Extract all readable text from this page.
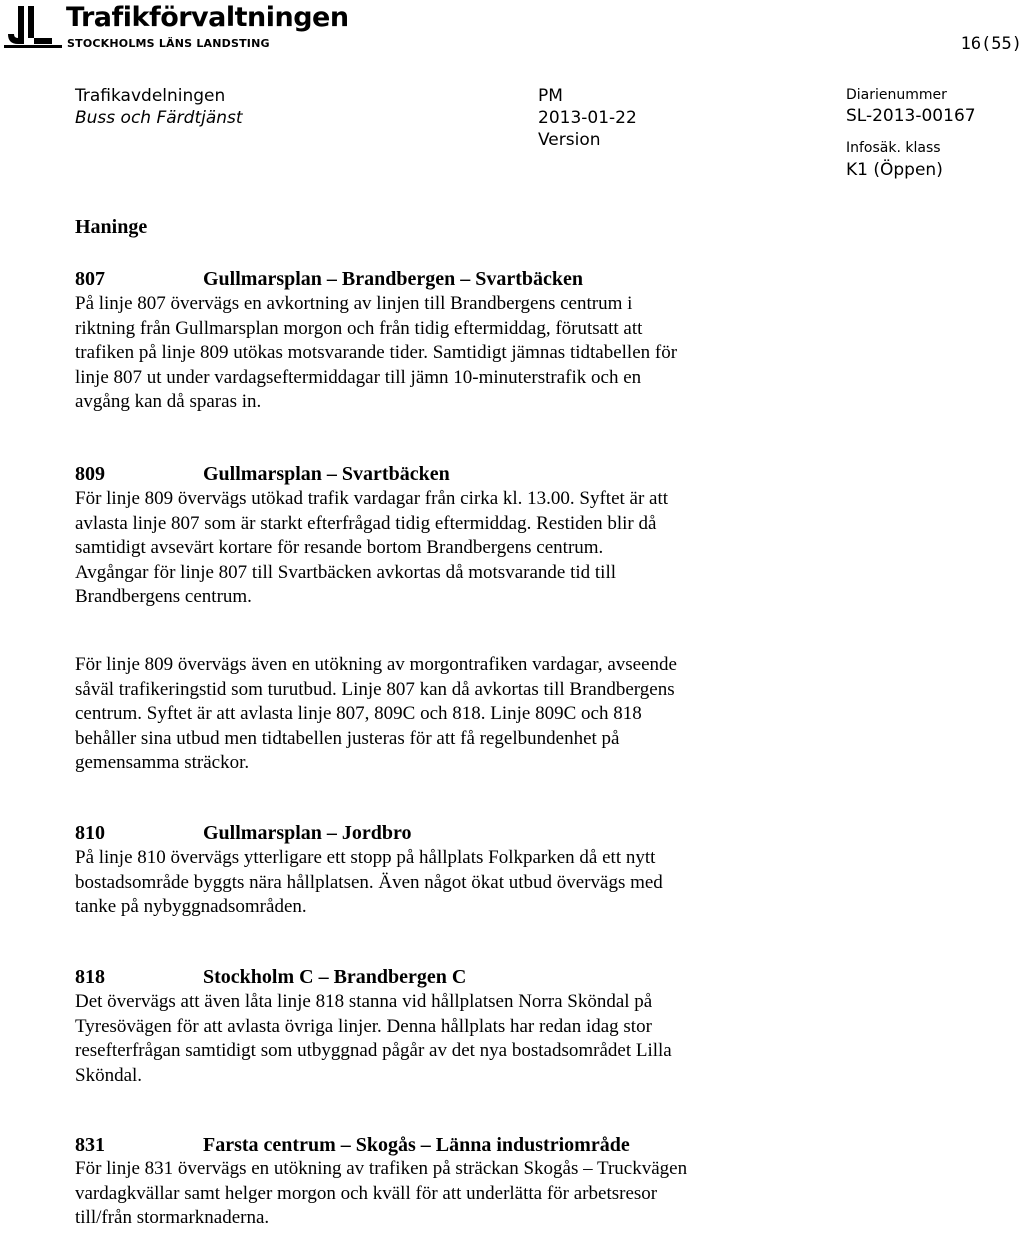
Trafikförvaltningen
STOCKHOLMS LÄNS LANDSTING	16(55)
Trafikavdelningen
Buss och Färdtjänst
PM
2013-01-22
Version
Diarienummer
SL-2013-00167
Infosäk. klass
K1 (Öppen)
Haninge
807	Gullmarsplan – Brandbergen – Svartbäcken

På linje 807 övervägs en avkortning av linjen till Brandbergens centrum i
riktning från Gullmarsplan morgon och från tidig eftermiddag, förutsatt att
trafiken på linje 809 utökas motsvarande tider. Samtidigt jämnas tidtabellen för
linje 807 ut under vardagseftermiddagar till jämn 10-minuterstrafik och en
avgång kan då sparas in.

809	Gullmarsplan – Svartbäcken

För linje 809 övervägs utökad trafik vardagar från cirka kl. 13.00. Syftet är att
avlasta linje 807 som är starkt efterfrågad tidig eftermiddag. Restiden blir då
samtidigt avsevärt kortare för resande bortom Brandbergens centrum.
Avgångar för linje 807 till Svartbäcken avkortas då motsvarande tid till
Brandbergens centrum.

För linje 809 övervägs även en utökning av morgontrafiken vardagar, avseende
såväl trafikeringstid som turutbud. Linje 807 kan då avkortas till Brandbergens
centrum. Syftet är att avlasta linje 807, 809C och 818. Linje 809C och 818
behåller sina utbud men tidtabellen justeras för att få regelbundenhet på
gemensamma sträckor.

810	Gullmarsplan – Jordbro

På linje 810 övervägs ytterligare ett stopp på hållplats Folkparken då ett nytt
bostadsområde byggts nära hållplatsen. Även något ökat utbud övervägs med
tanke på nybyggnadsområden.

818	Stockholm C – Brandbergen C

Det övervägs att även låta linje 818 stanna vid hållplatsen Norra Sköndal på
Tyresövägen för att avlasta övriga linjer. Denna hållplats har redan idag stor
resefterfrågan samtidigt som utbyggnad pågår av det nya bostadsområdet Lilla
Sköndal.

831	Farsta centrum – Skogås – Länna industriområde

För linje 831 övervägs en utökning av trafiken på sträckan Skogås – Truckvägen
vardagkvällar samt helger morgon och kväll för att underlätta för arbetsresor
till/från stormarknaderna.
